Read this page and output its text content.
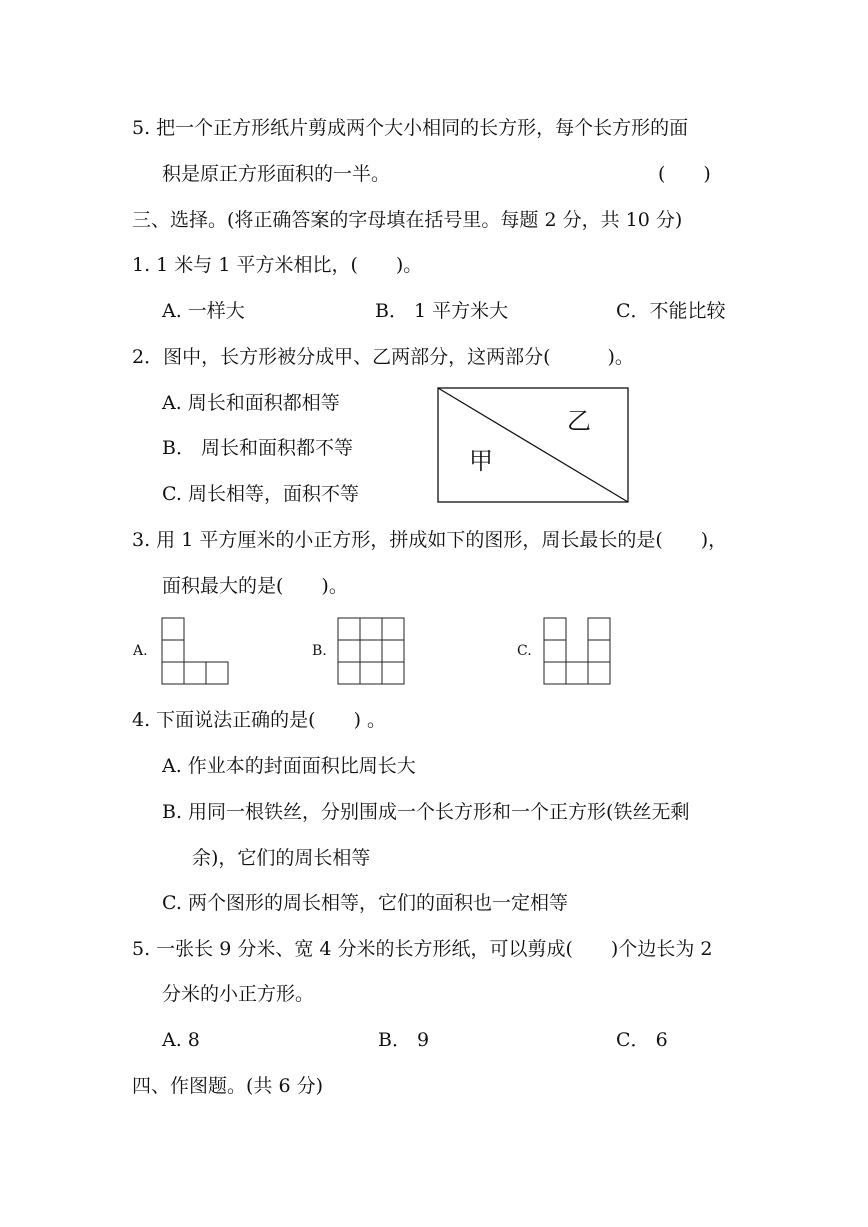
5. 把一个正方形纸片剪成两个大小相同的长方形，每个长方形的面
积是原正方形面积的一半。	(　　)
三、选择。(将正确答案的字母填在括号里。每题 2 分，共 10 分)
1. 1 米与 1 平方米相比，(　　)。
A. 一样大	B． 1 平方米大	C．不能比较
2．图中，长方形被分成甲、乙两部分，这两部分(　　　)。
A. 周长和面积都相等
B． 周长和面积都不等
C. 周长相等，面积不等
甲
乙
3. 用 1 平方厘米的小正方形，拼成如下的图形，周长最长的是(　　)，
面积最大的是(　　)。
A.	B.	C.
4. 下面说法正确的是(　　) 。
A. 作业本的封面面积比周长大
B. 用同一根铁丝，分别围成一个长方形和一个正方形(铁丝无剩
余)，它们的周长相等
C. 两个图形的周长相等，它们的面积也一定相等
5. 一张长 9 分米、宽 4 分米的长方形纸，可以剪成(　　)个边长为 2
分米的小正方形。
A. 8	B． 9	C． 6
四、作图题。(共 6 分)
